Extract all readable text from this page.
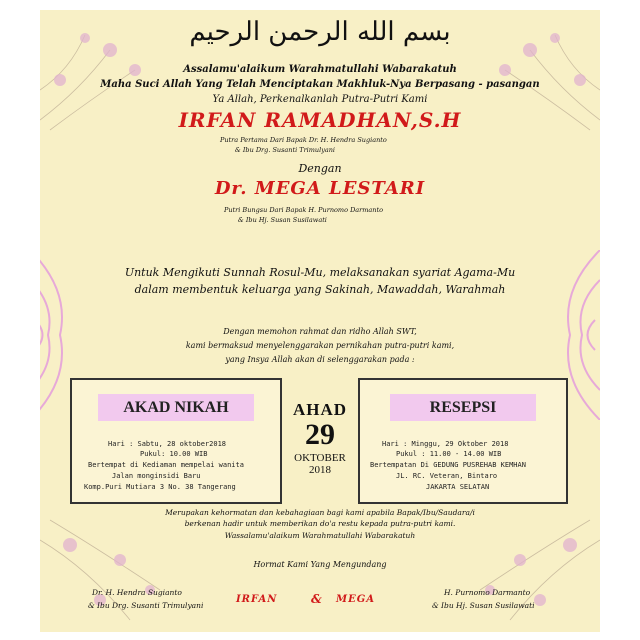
بسم الله الرحمن الرحيم
Assalamu'alaikum Warahmatullahi Wabarakatuh
Maha Suci Allah Yang Telah Menciptakan Makhluk-Nya Berpasang - pasangan
Ya Allah, Perkenalkanlah Putra-Putri Kami
IRFAN RAMADHAN,S.H
Putra Pertama Dari Bapak Dr. H. Hendra Sugianto
& Ibu Drg. Susanti Trimulyani
Dengan
Dr. MEGA LESTARI
Putri Bungsu Dari Bapak H. Purnomo Darmanto
& Ibu Hj. Susan Susilawati
Untuk Mengikuti Sunnah Rosul-Mu, melaksanakan syariat Agama-Mu
dalam membentuk keluarga yang Sakinah, Mawaddah, Warahmah
Dengan memohon rahmat dan ridho Allah SWT,
kami bermaksud menyelenggarakan pernikahan putra-putri kami,
yang Insya Allah akan di selenggarakan pada :
AKAD NIKAH
Hari : Sabtu, 28 oktober2018
Pukul: 10.00 WIB
Bertempat di Kediaman mempelai wanita
Jalan monginsidi Baru
Komp.Puri Mutiara 3 No. 38 Tangerang
AHAD
29
OKTOBER
2018
RESEPSI
Hari : Minggu, 29 Oktober 2018
Pukul : 11.00 - 14.00 WIB
Bertempatan Di GEDUNG PUSREHAB KEMHAN
JL. RC. Veteran, Bintaro
JAKARTA SELATAN
Merupakan kehormatan dan kebahagiaan bagi kami apabila Bapak/Ibu/Saudara/i
berkenan hadir untuk memberikan do'a restu kepada putra-putri kami.
Wassalamu'alaikum Warahmatullahi Wabarakatuh
Hormat Kami Yang Mengundang
Dr. H. Hendra Sugianto
& Ibu Drg. Susanti Trimulyani
IRFAN	& MEGA
H. Purnomo Darmanto
& Ibu Hj. Susan Susilawati
